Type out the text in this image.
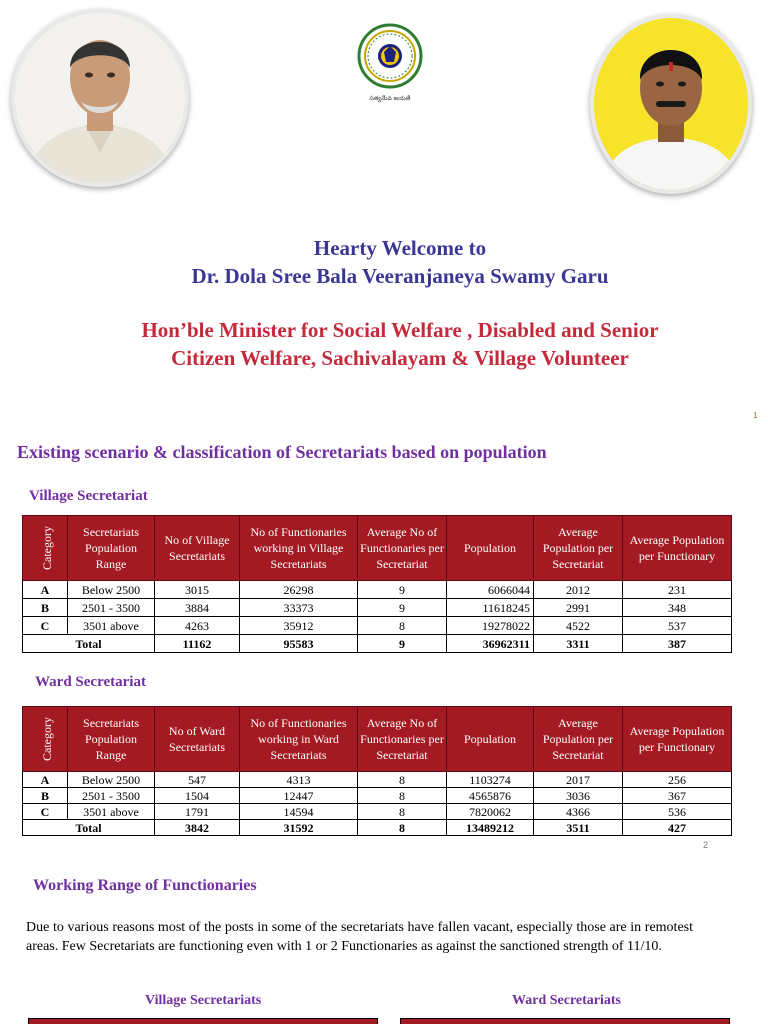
సత్యమేవ జయతే
Hearty Welcome to
Dr. Dola Sree Bala Veeranjaneya Swamy Garu
Hon’ble Minister for Social Welfare , Disabled and Senior
Citizen Welfare, Sachivalayam & Village Volunteer
1
Existing scenario & classification of Secretariats based on population
Village Secretariat
Category	Secretariats Population Range	No of Village Secretariats	No of Functionaries working in Village Secretariats	Average No of Functionaries per Secretariat	Population	Average Population per Secretariat	Average Population per Functionary
A	Below 2500	3015	26298	9	6066044	2012	231
B	2501 - 3500	3884	33373	9	11618245	2991	348
C	3501 above	4263	35912	8	19278022	4522	537
Total		11162	95583	9	36962311	3311	387
Ward Secretariat
Category	Secretariats Population Range	No of Ward Secretariats	No of Functionaries working in Ward Secretariats	Average No of Functionaries per Secretariat	Population	Average Population per Secretariat	Average Population per Functionary
A	Below 2500	547	4313	8	1103274	2017	256
B	2501 - 3500	1504	12447	8	4565876	3036	367
C	3501 above	1791	14594	8	7820062	4366	536
Total		3842	31592	8	13489212	3511	427
2
Working Range of Functionaries

Due to various reasons most of the posts in some of the secretariats have fallen vacant, especially those are in remotest areas. Few Secretariats are functioning even with 1 or 2 Functionaries as against the sanctioned strength of 11/10.

Village Secretariats	Ward Secretariats
